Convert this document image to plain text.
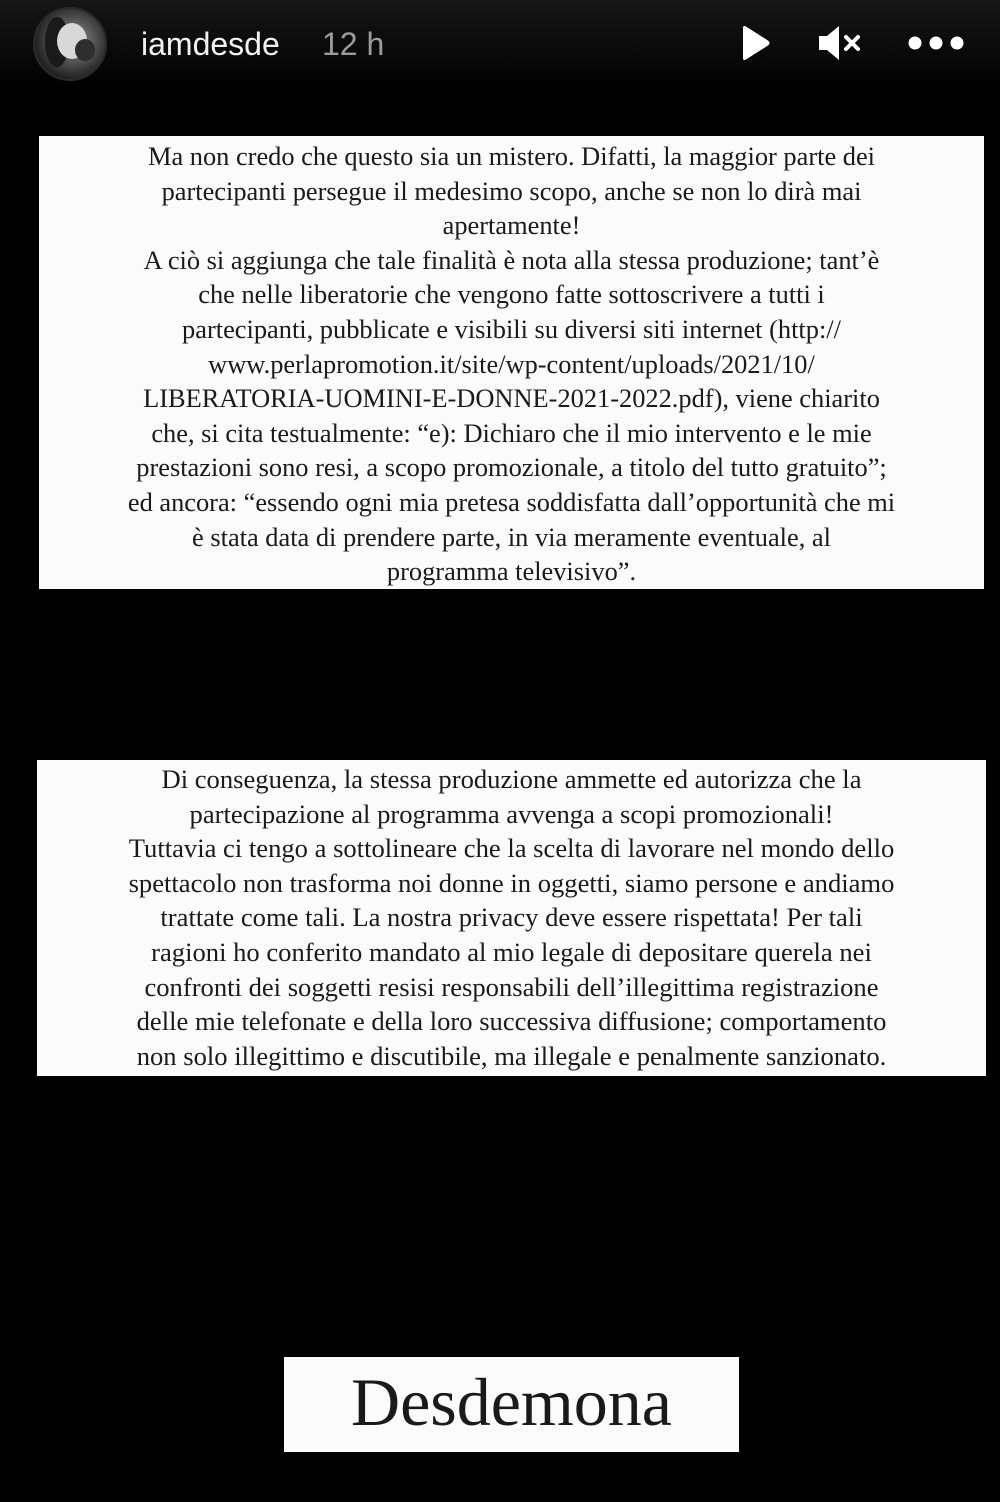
iamdesde 12 h

Ma non credo che questo sia un mistero. Difatti, la maggior parte dei
partecipanti persegue il medesimo scopo, anche se non lo dirà mai
apertamente!
A ciò si aggiunga che tale finalità è nota alla stessa produzione; tant’è
che nelle liberatorie che vengono fatte sottoscrivere a tutti i
partecipanti, pubblicate e visibili su diversi siti internet (http://
www.perlapromotion.it/site/wp-content/uploads/2021/10/
LIBERATORIA-UOMINI-E-DONNE-2021-2022.pdf), viene chiarito
che, si cita testualmente: “e): Dichiaro che il mio intervento e le mie
prestazioni sono resi, a scopo promozionale, a titolo del tutto gratuito”;
ed ancora: “essendo ogni mia pretesa soddisfatta dall’opportunità che mi
è stata data di prendere parte, in via meramente eventuale, al
programma televisivo”.

Di conseguenza, la stessa produzione ammette ed autorizza che la
partecipazione al programma avvenga a scopi promozionali!
Tuttavia ci tengo a sottolineare che la scelta di lavorare nel mondo dello
spettacolo non trasforma noi donne in oggetti, siamo persone e andiamo
trattate come tali. La nostra privacy deve essere rispettata! Per tali
ragioni ho conferito mandato al mio legale di depositare querela nei
confronti dei soggetti resisi responsabili dell’illegittima registrazione
delle mie telefonate e della loro successiva diffusione; comportamento
non solo illegittimo e discutibile, ma illegale e penalmente sanzionato.

Desdemona
